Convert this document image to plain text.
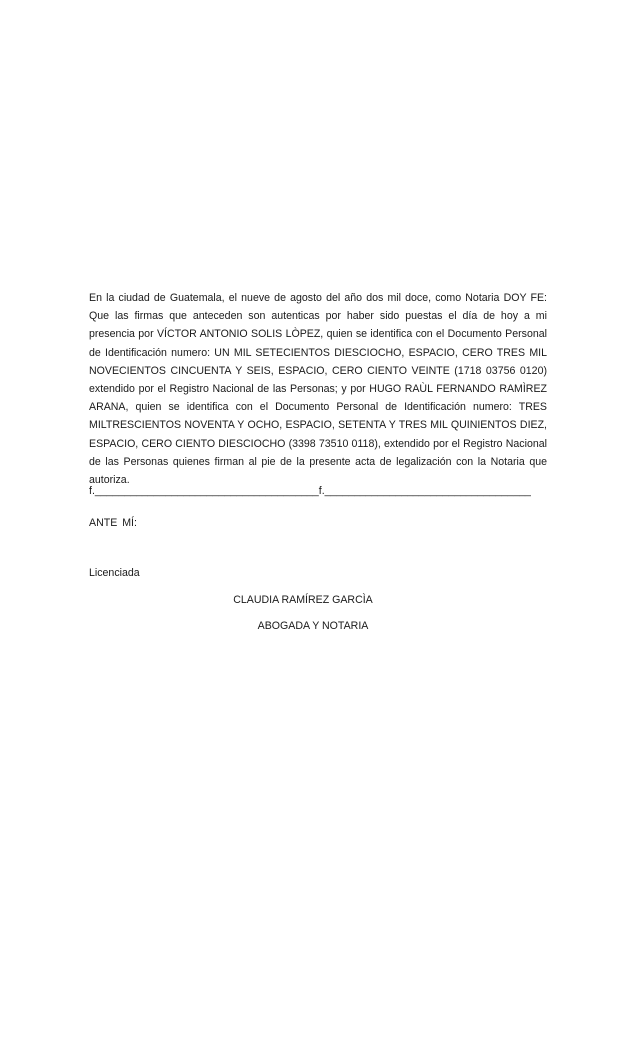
En la ciudad de Guatemala, el nueve de agosto del año dos mil doce, como Notaria DOY FE: Que las firmas que anteceden son autenticas por haber sido puestas el día de hoy a mi presencia por VÍCTOR ANTONIO SOLIS LÒPEZ, quien se identifica con el Documento Personal de Identificación numero: UN MIL SETECIENTOS DIESCIOCHO, ESPACIO, CERO TRES MIL NOVECIENTOS CINCUENTA Y SEIS, ESPACIO, CERO CIENTO VEINTE (1718 03756 0120) extendido por el Registro Nacional de las Personas; y por HUGO RAÙL FERNANDO RAMÌREZ ARANA, quien se identifica con el Documento Personal de Identificación numero: TRES MILTRESCIENTOS NOVENTA Y OCHO, ESPACIO, SETENTA Y TRES MIL QUINIENTOS DIEZ, ESPACIO, CERO CIENTO DIESCIOCHO (3398 73510 0118), extendido por el Registro Nacional de las Personas quienes firman al pie de la presente acta de legalización con la Notaria que autoriza.

f.______________________________________f.___________________________________

ANTE MÍ:

Licenciada

CLAUDIA RAMÍREZ GARCÌA

ABOGADA Y NOTARIA
